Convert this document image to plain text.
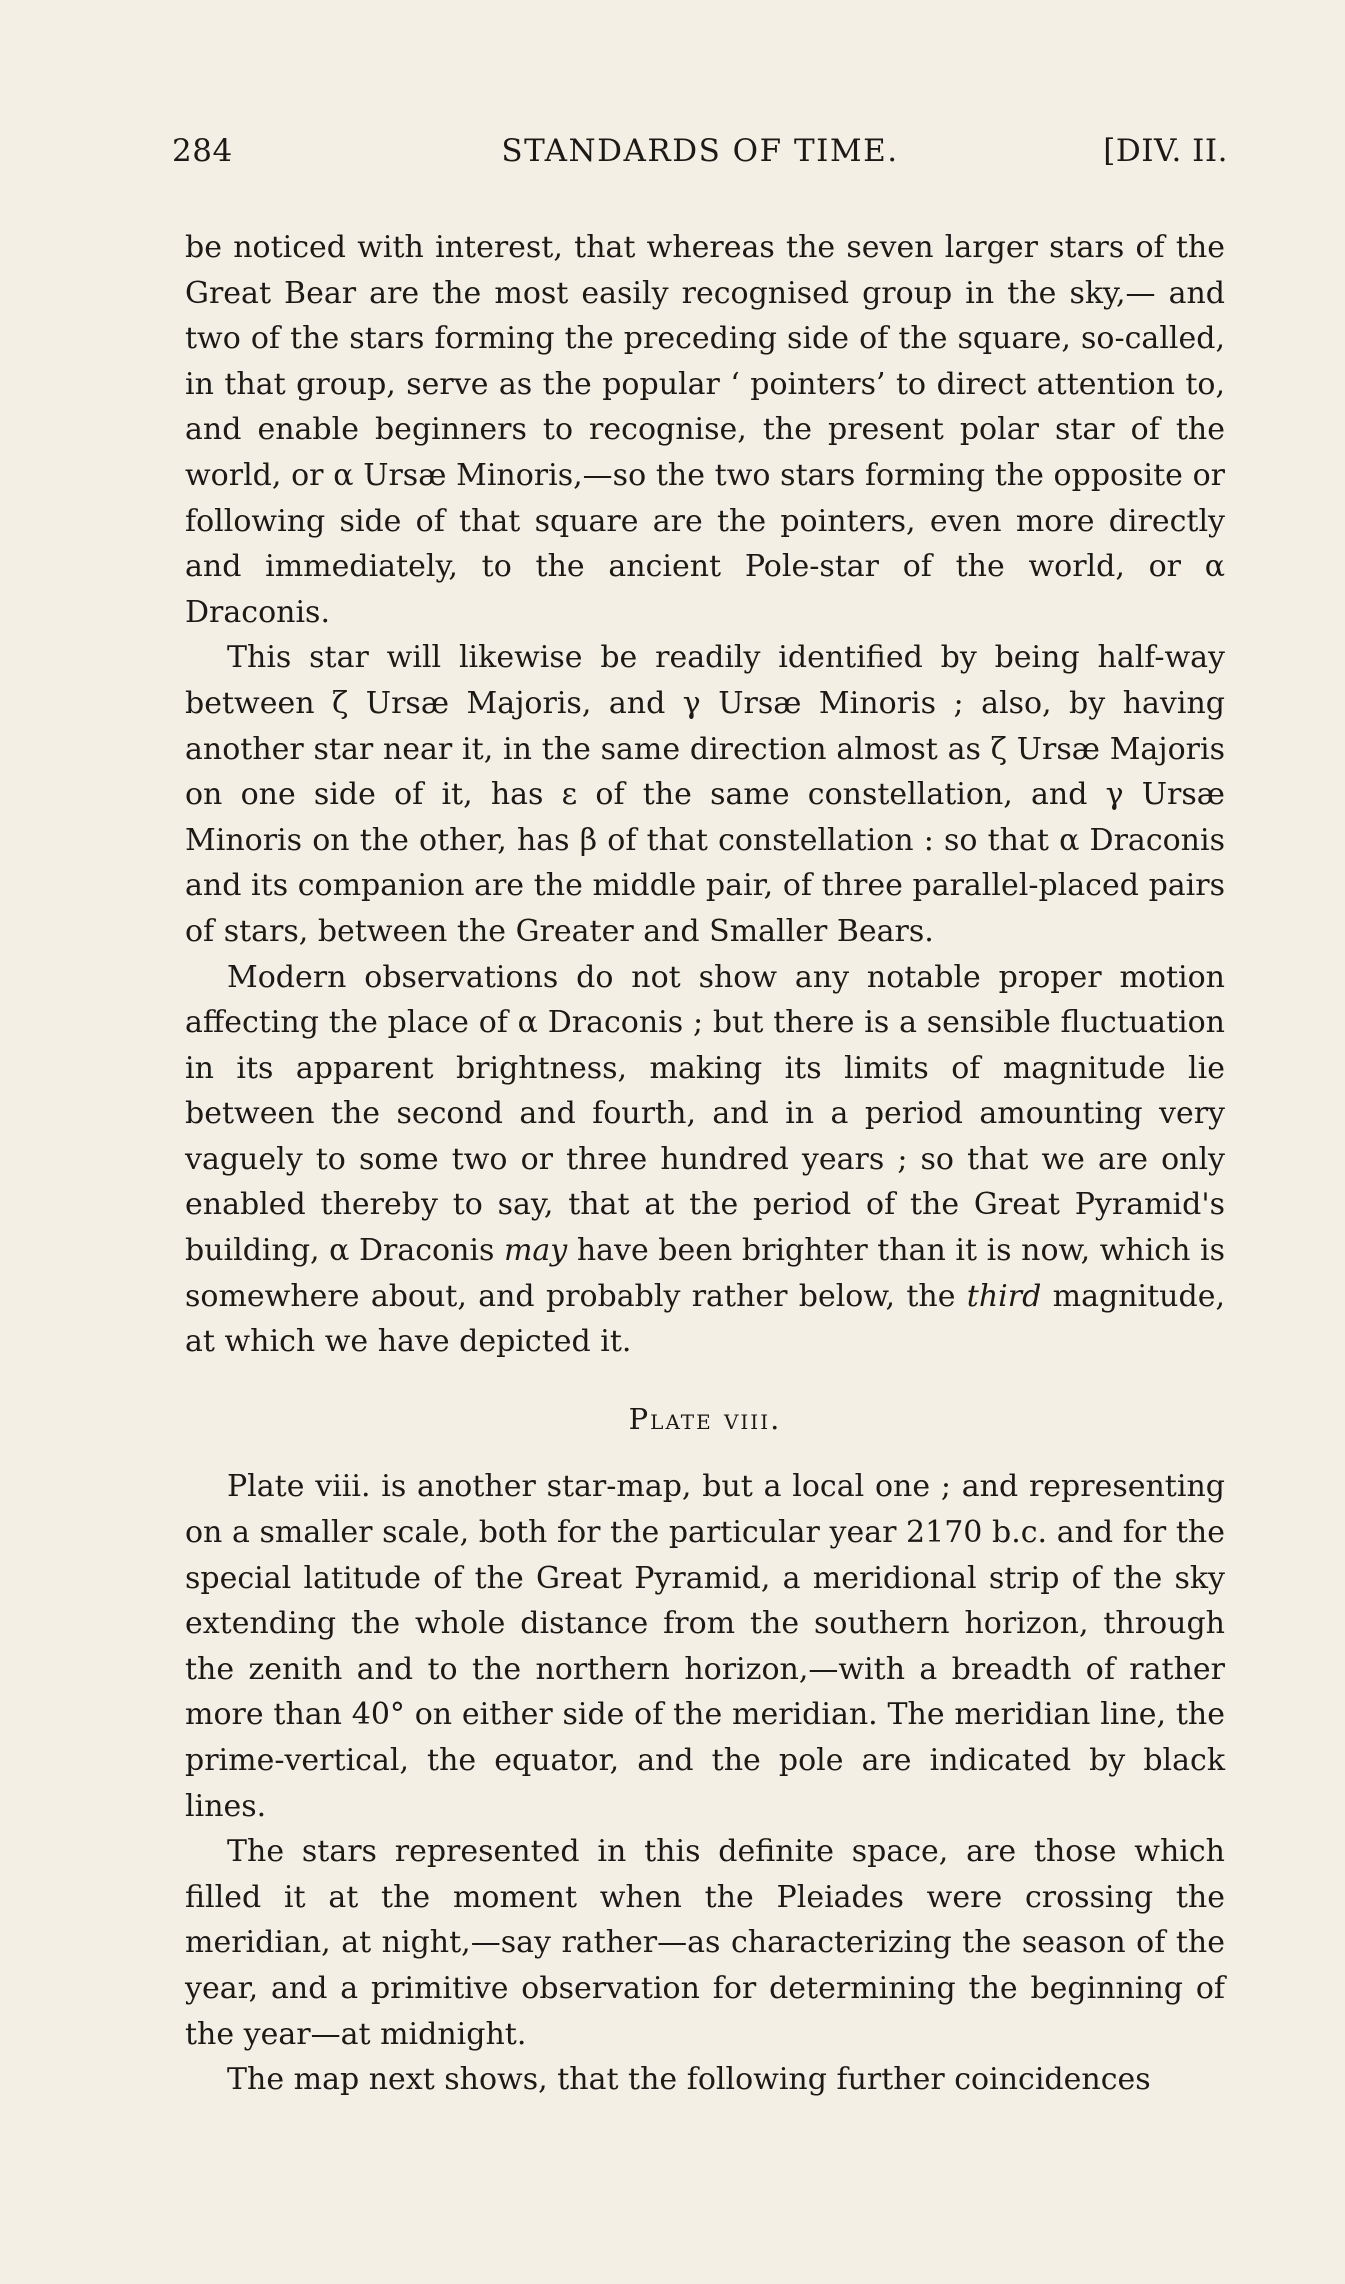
284	STANDARDS OF TIME.	[DIV. II.

be noticed with interest, that whereas the seven larger stars of the Great Bear are the most easily recognised group in the sky,— and two of the stars forming the preceding side of the square, so-called, in that group, serve as the popular ‘ pointers’ to direct attention to, and enable beginners to recognise, the present polar star of the world, or α Ursæ Minoris,—so the two stars forming the opposite or following side of that square are the pointers, even more directly and immediately, to the ancient Pole-star of the world, or α Draconis.

This star will likewise be readily identified by being half-way between ζ Ursæ Majoris, and γ Ursæ Minoris ; also, by having another star near it, in the same direction almost as ζ Ursæ Majoris on one side of it, has ε of the same constellation, and γ Ursæ Minoris on the other, has β of that constellation : so that α Draconis and its companion are the middle pair, of three parallel-placed pairs of stars, between the Greater and Smaller Bears.

Modern observations do not show any notable proper motion affecting the place of α Draconis ; but there is a sensible fluctuation in its apparent brightness, making its limits of magnitude lie between the second and fourth, and in a period amounting very vaguely to some two or three hundred years ; so that we are only enabled thereby to say, that at the period of the Great Pyramid's building, α Draconis may have been brighter than it is now, which is somewhere about, and probably rather below, the third magnitude, at which we have depicted it.

Plate viii.

Plate viii. is another star-map, but a local one ; and representing on a smaller scale, both for the particular year 2170 b.c. and for the special latitude of the Great Pyramid, a meridional strip of the sky extending the whole distance from the southern horizon, through the zenith and to the northern horizon,—with a breadth of rather more than 40° on either side of the meridian. The meridian line, the prime-vertical, the equator, and the pole are indicated by black lines.

The stars represented in this definite space, are those which filled it at the moment when the Pleiades were crossing the meridian, at night,—say rather—as characterizing the season of the year, and a primitive observation for determining the beginning of the year—at midnight.

The map next shows, that the following further coincidences
